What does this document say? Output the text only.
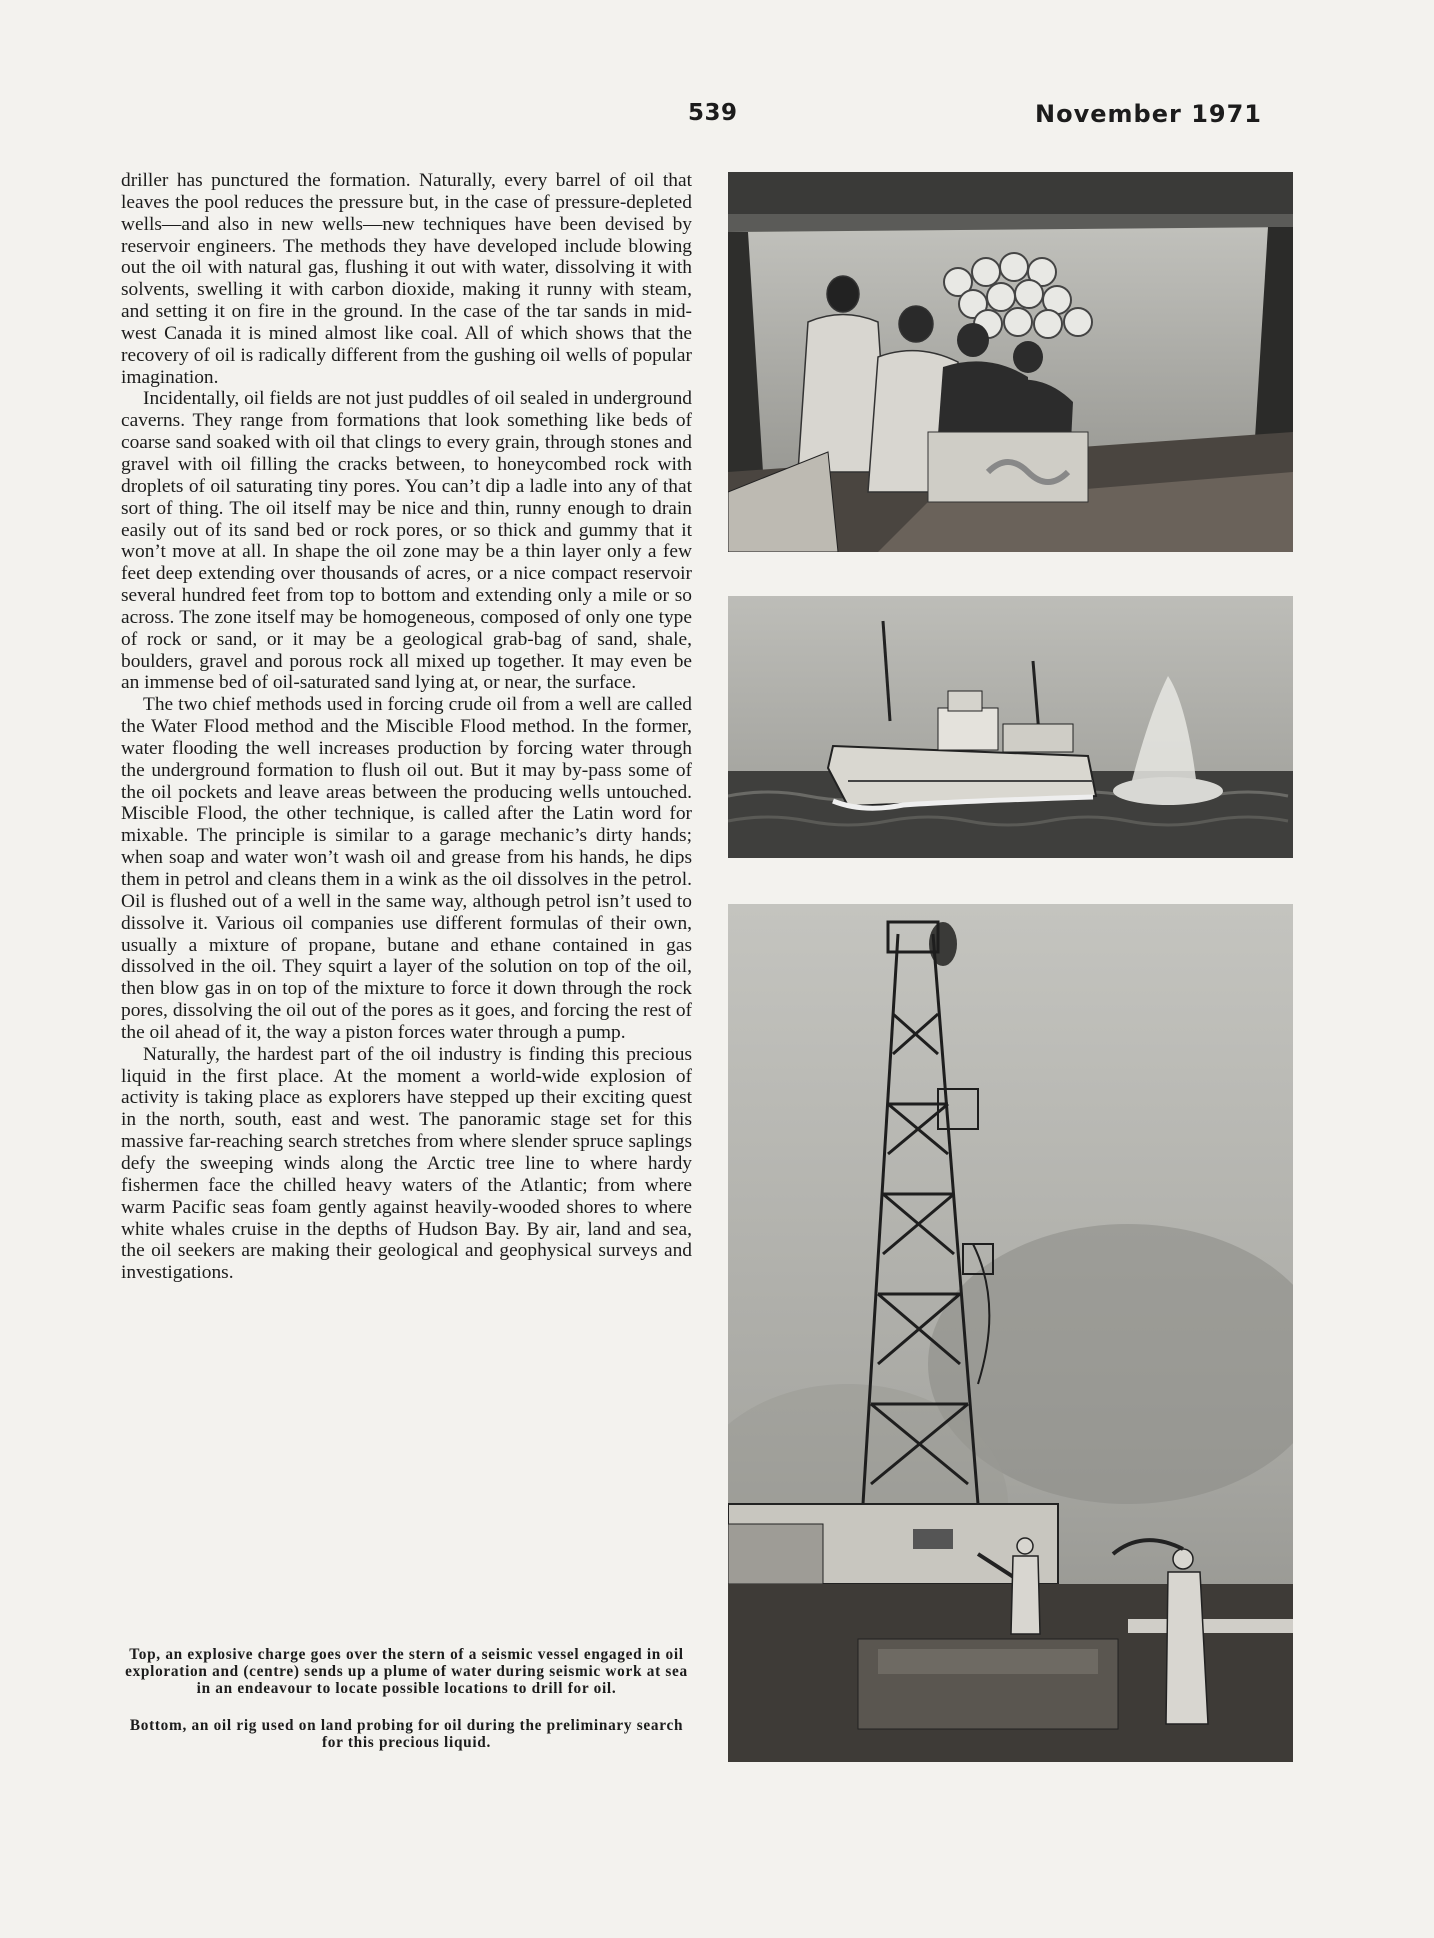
539	November 1971

driller has punctured the formation. Naturally, every barrel of oil that leaves the pool reduces the pressure but, in the case of pressure-depleted wells—and also in new wells—new techniques have been devised by reservoir engineers. The methods they have developed include blowing out the oil with natural gas, flushing it out with water, dissolving it with solvents, swelling it with carbon dioxide, making it runny with steam, and setting it on fire in the ground. In the case of the tar sands in mid-west Canada it is mined almost like coal. All of which shows that the recovery of oil is radically different from the gushing oil wells of popular imagination.

Incidentally, oil fields are not just puddles of oil sealed in underground caverns. They range from formations that look something like beds of coarse sand soaked with oil that clings to every grain, through stones and gravel with oil filling the cracks between, to honeycombed rock with droplets of oil saturating tiny pores. You can’t dip a ladle into any of that sort of thing. The oil itself may be nice and thin, runny enough to drain easily out of its sand bed or rock pores, or so thick and gummy that it won’t move at all. In shape the oil zone may be a thin layer only a few feet deep extending over thousands of acres, or a nice compact reservoir several hundred feet from top to bottom and extending only a mile or so across. The zone itself may be homogeneous, composed of only one type of rock or sand, or it may be a geological grab-bag of sand, shale, boulders, gravel and porous rock all mixed up together. It may even be an immense bed of oil-saturated sand lying at, or near, the surface.

The two chief methods used in forcing crude oil from a well are called the Water Flood method and the Miscible Flood method. In the former, water flooding the well increases production by forcing water through the underground formation to flush oil out. But it may by-pass some of the oil pockets and leave areas between the producing wells untouched. Miscible Flood, the other technique, is called after the Latin word for mixable. The principle is similar to a garage mechanic’s dirty hands; when soap and water won’t wash oil and grease from his hands, he dips them in petrol and cleans them in a wink as the oil dissolves in the petrol. Oil is flushed out of a well in the same way, although petrol isn’t used to dissolve it. Various oil companies use different formulas of their own, usually a mixture of propane, butane and ethane contained in gas dissolved in the oil. They squirt a layer of the solution on top of the oil, then blow gas in on top of the mixture to force it down through the rock pores, dissolving the oil out of the pores as it goes, and forcing the rest of the oil ahead of it, the way a piston forces water through a pump.

Naturally, the hardest part of the oil industry is finding this precious liquid in the first place. At the moment a world-wide explosion of activity is taking place as explorers have stepped up their exciting quest in the north, south, east and west. The panoramic stage set for this massive far-reaching search stretches from where slender spruce saplings defy the sweeping winds along the Arctic tree line to where hardy fishermen face the chilled heavy waters of the Atlantic; from where warm Pacific seas foam gently against heavily-wooded shores to where white whales cruise in the depths of Hudson Bay. By air, land and sea, the oil seekers are making their geological and geophysical surveys and investigations.

Top, an explosive charge goes over the stern of a seismic vessel engaged in oil exploration and (centre) sends up a plume of water during seismic work at sea in an endeavour to locate possible locations to drill for oil.

Bottom, an oil rig used on land probing for oil during the preliminary search for this precious liquid.
